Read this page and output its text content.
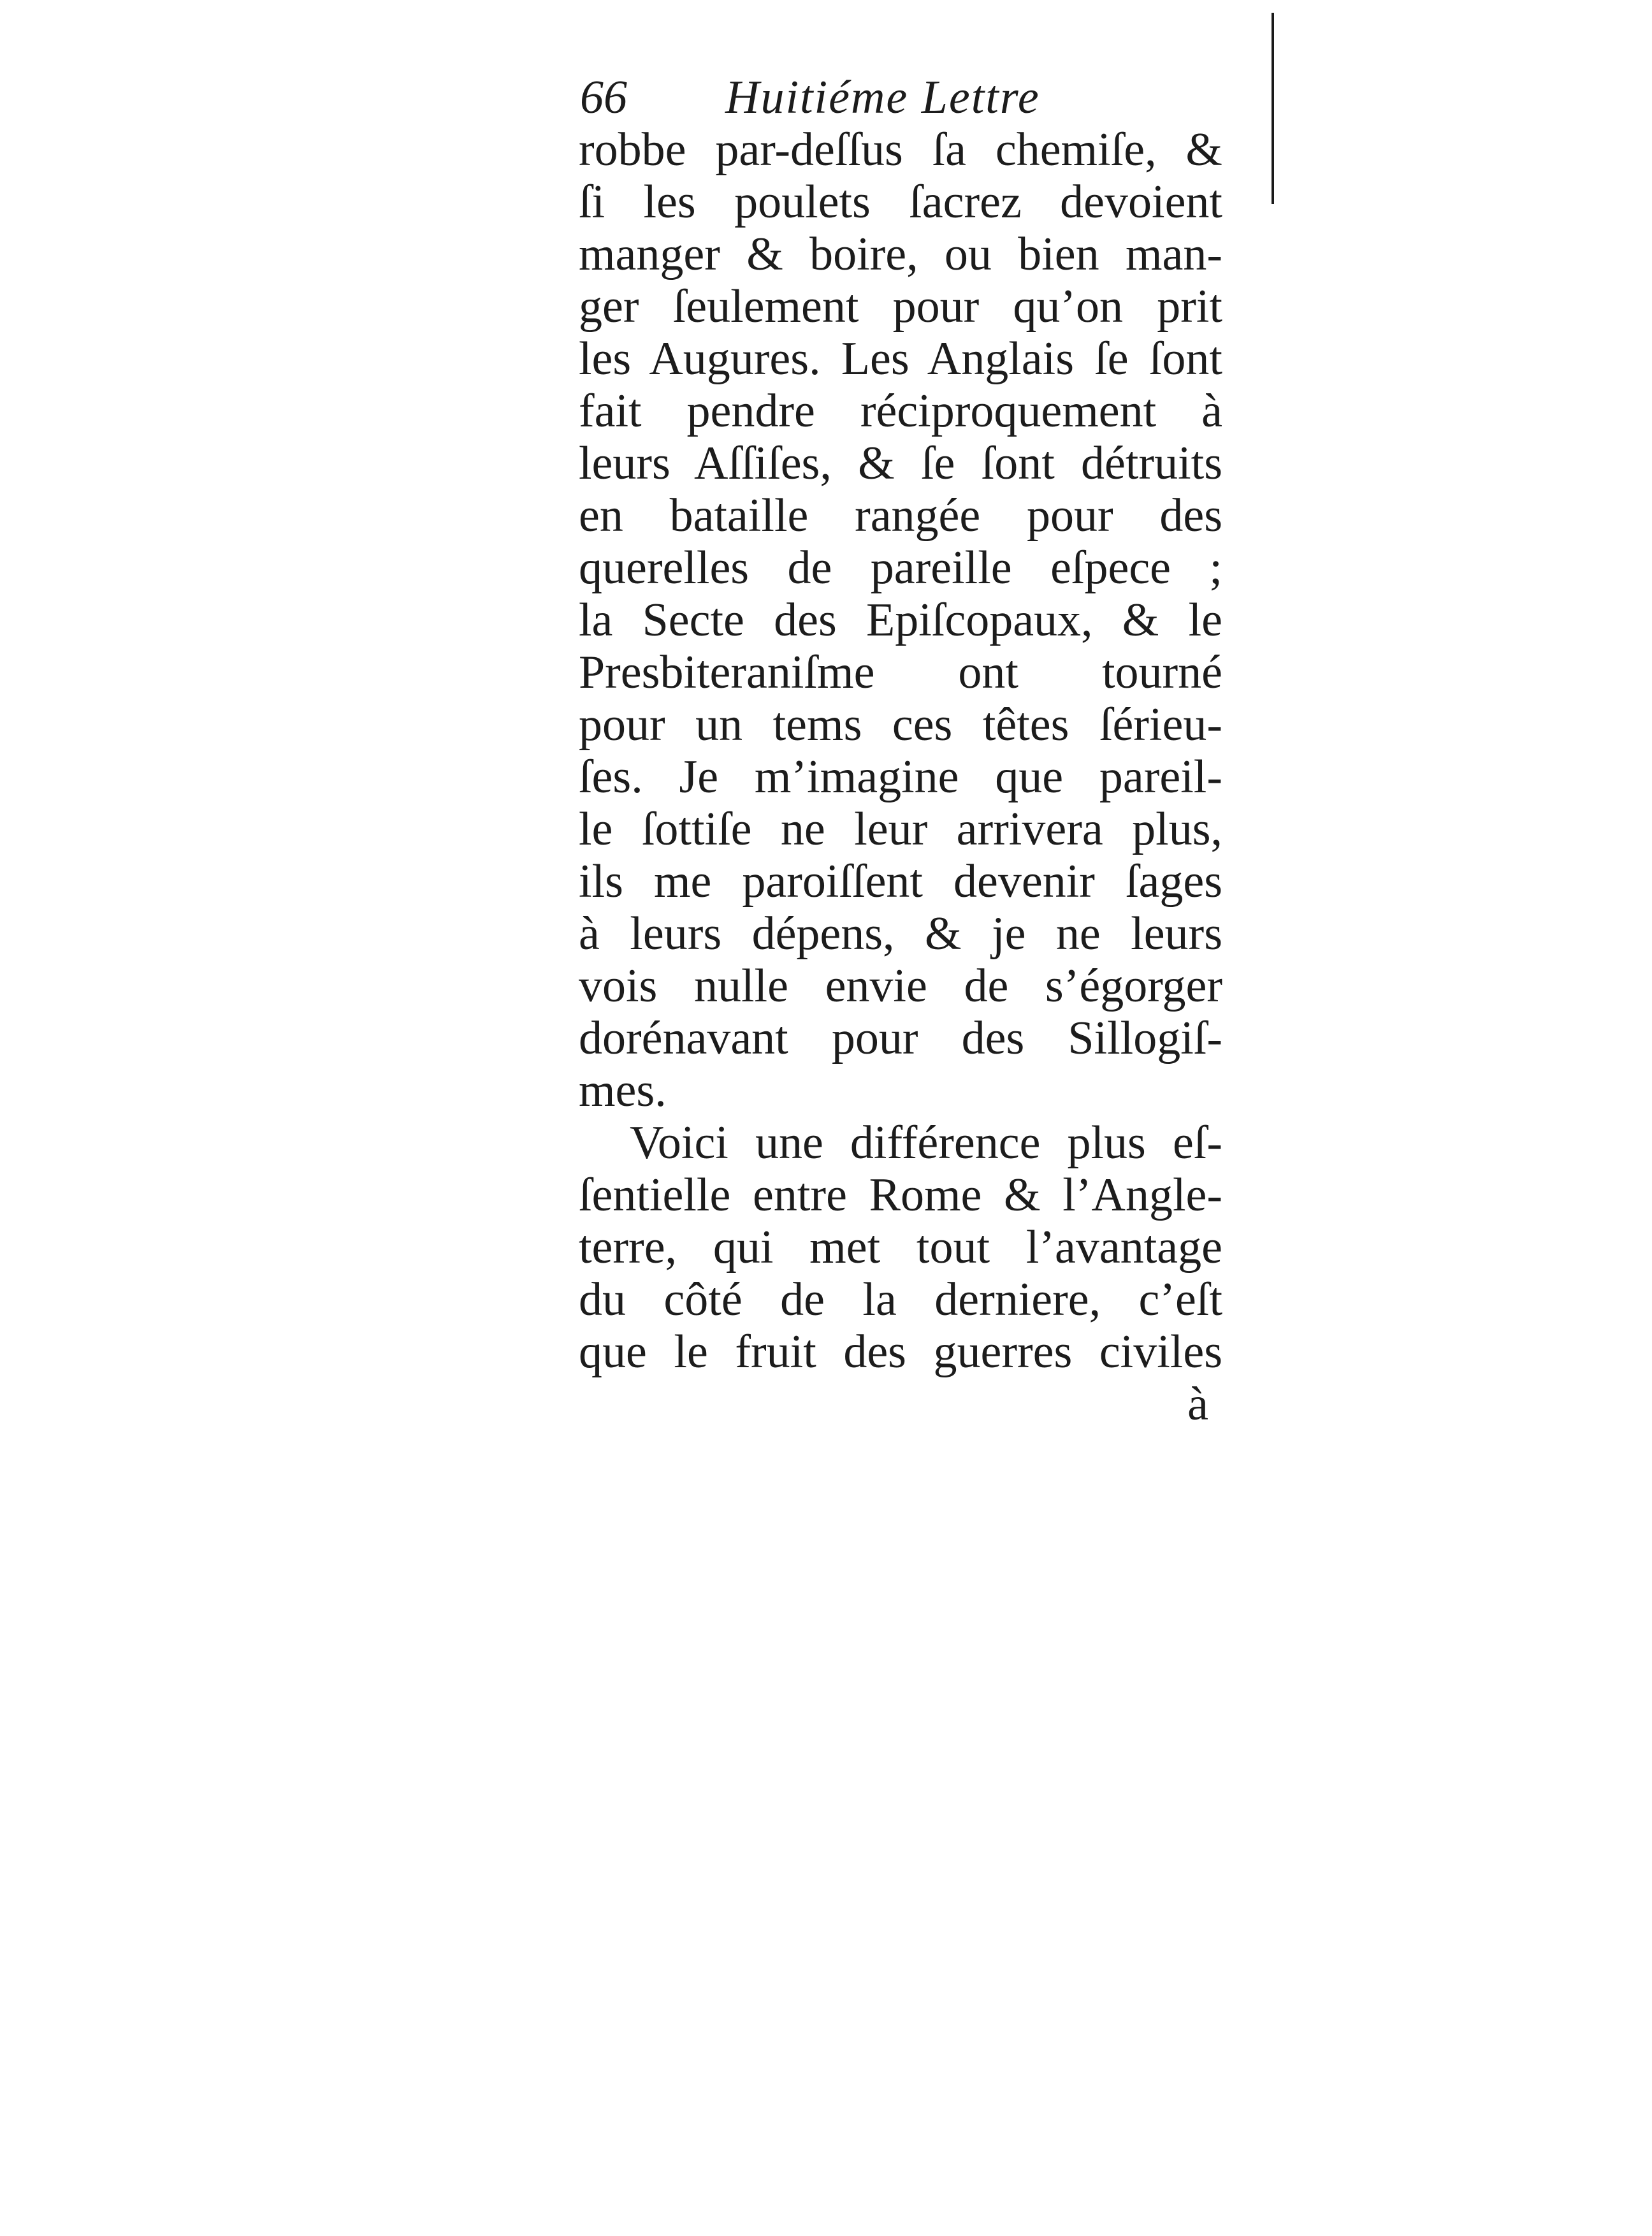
66 Huitiéme Lettre
robbe par-deſſus ſa chemiſe, &
ſi les poulets ſacrez devoient
manger & boire, ou bien man-
ger ſeulement pour qu’on prit
les Augures. Les Anglais ſe ſont
fait pendre réciproquement à
leurs Aſſiſes, & ſe ſont détruits
en bataille rangée pour des
querelles de pareille eſpece ;
la Secte des Epiſcopaux, & le
Presbiteraniſme ont tourné
pour un tems ces têtes ſérieu-
ſes. Je m’imagine que pareil-
le ſottiſe ne leur arrivera plus,
ils me paroiſſent devenir ſages
à leurs dépens, & je ne leurs
vois nulle envie de s’égorger
dorénavant pour des Sillogiſ-
mes.
Voici une différence plus eſ-
ſentielle entre Rome & l’Angle-
terre, qui met tout l’avantage
du côté de la derniere, c’eſt
que le fruit des guerres civiles
à
